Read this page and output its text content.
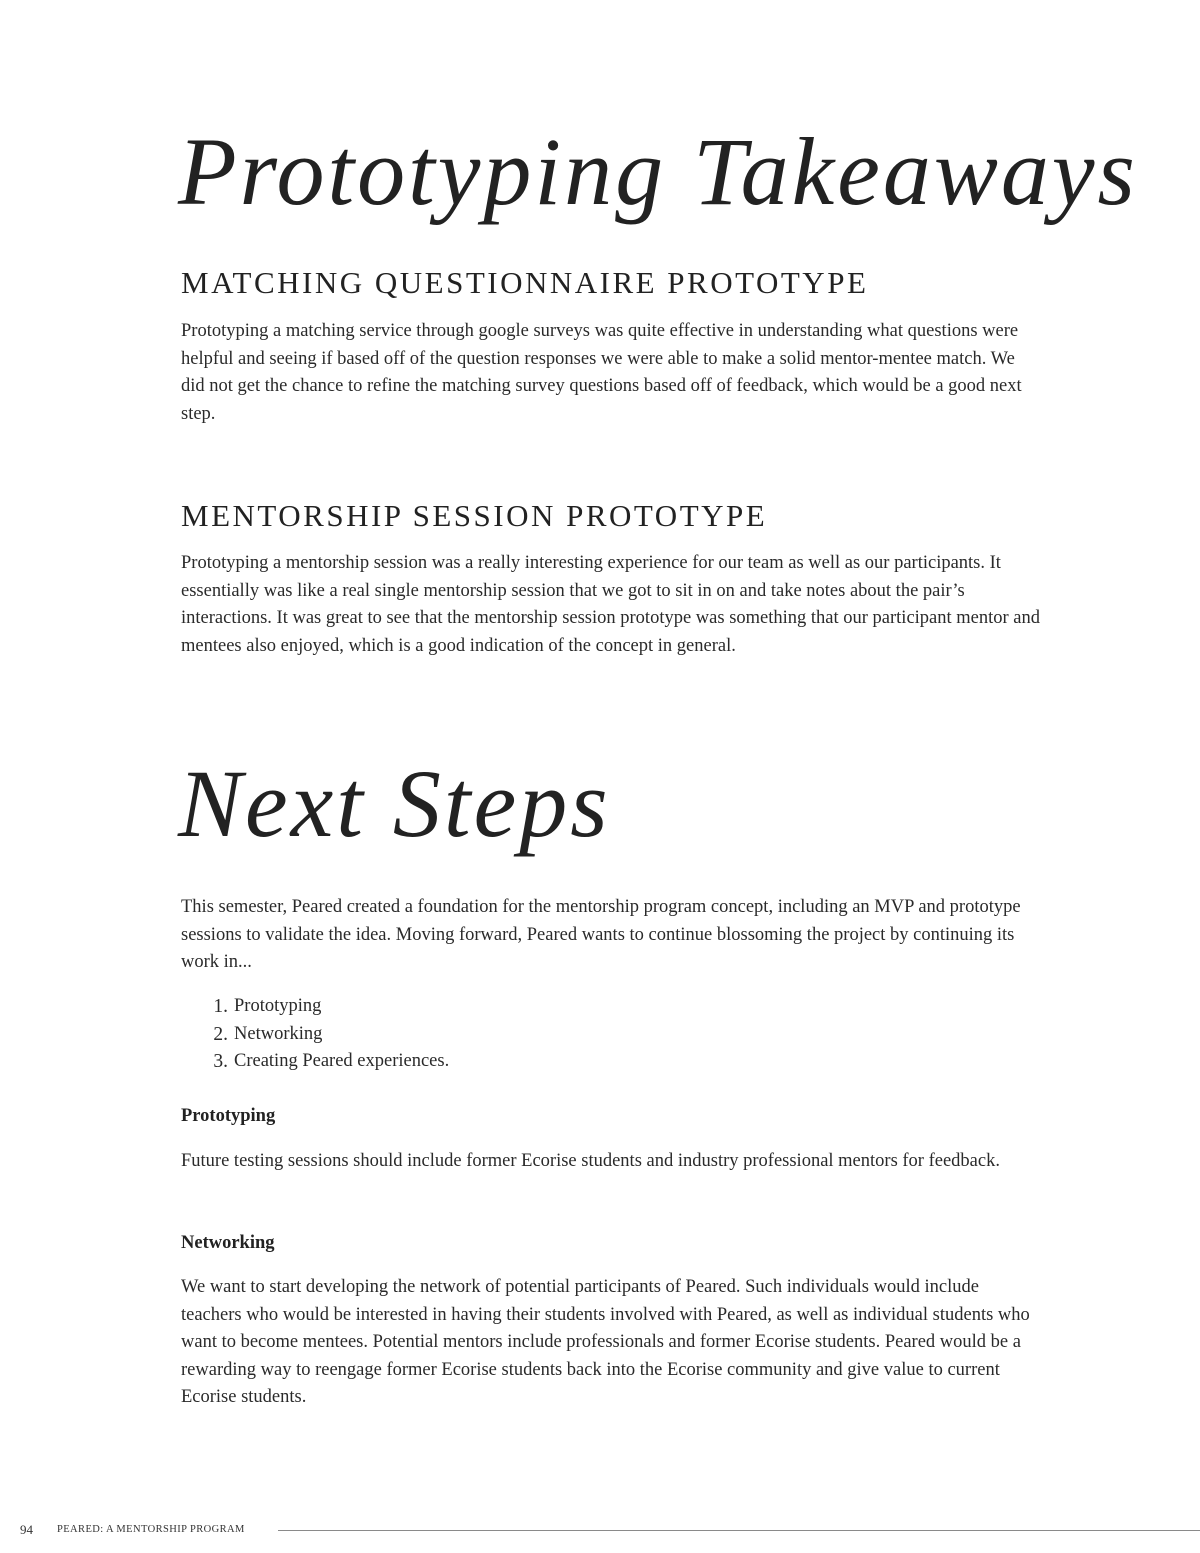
Prototyping Takeaways
MATCHING QUESTIONNAIRE PROTOTYPE

Prototyping a matching service through google surveys was quite effective in understanding what questions were helpful and seeing if based off of the question responses we were able to make a solid mentor-mentee match. We did not get the chance to refine the matching survey questions based off of feedback, which would be a good next step.

MENTORSHIP SESSION PROTOTYPE

Prototyping a mentorship session was a really interesting experience for our team as well as our participants. It essentially was like a real single mentorship session that we got to sit in on and take notes about the pair’s interactions. It was great to see that the mentorship session prototype was something that our participant mentor and mentees also enjoyed, which is a good indication of the concept in general.

Next Steps

This semester, Peared created a foundation for the mentorship program concept, including an MVP and prototype sessions to validate the idea. Moving forward, Peared wants to continue blossoming the project by continuing its work in...

1. Prototyping
2. Networking
3. Creating Peared experiences.
Prototyping

Future testing sessions should include former Ecorise students and industry professional mentors for feedback.

Networking

We want to start developing the network of potential participants of Peared. Such individuals would include teachers who would be interested in having their students involved with Peared, as well as individual students who want to become mentees. Potential mentors include professionals and former Ecorise students. Peared would be a rewarding way to reengage former Ecorise students back into the Ecorise community and give value to current Ecorise students.

94 PEARED: A MENTORSHIP PROGRAM
